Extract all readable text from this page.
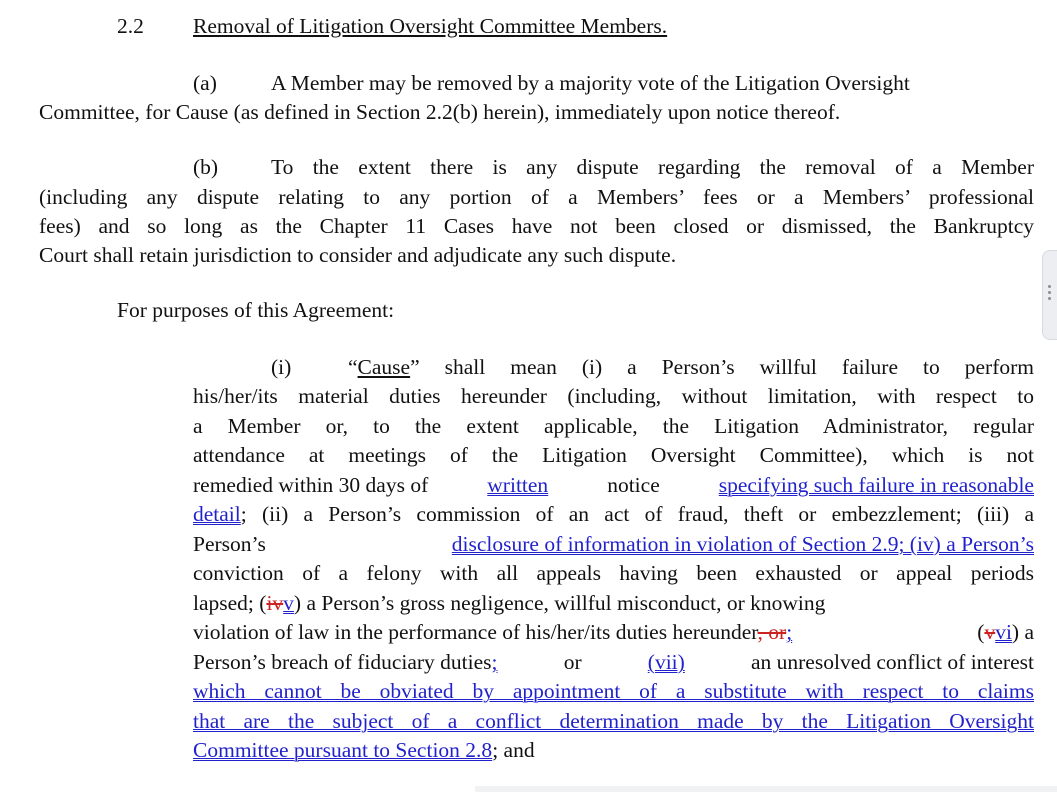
2.2 Removal of Litigation Oversight Committee Members.
(a)	A Member may be removed by a majority vote of the Litigation Oversight
Committee, for Cause (as defined in Section 2.2(b) herein), immediately upon notice thereof.
(b) To the extent there is any dispute regarding the removal of a Member
(including any dispute relating to any portion of a Members’ fees or a Members’ professional
fees) and so long as the Chapter 11 Cases have not been closed or dismissed, the Bankruptcy
Court shall retain jurisdiction to consider and adjudicate any such dispute.
For purposes of this Agreement:
(i)	“Cause” shall mean (i) a Person’s willful failure to perform
his/her/its material duties hereunder (including, without limitation, with respect to
a Member or, to the extent applicable, the Litigation Administrator, regular
attendance at meetings of the Litigation Oversight Committee), which is not
remedied within 30 days of	written	notice	specifying such failure in reasonable
detail; (ii) a Person’s commission of an act of fraud, theft or embezzlement; (iii) a
Person’s	disclosure of information in violation of Section 2.9; (iv) a Person’s
conviction of a felony with all appeals having been exhausted or appeal periods
lapsed; (ivv) a Person’s gross negligence, willful misconduct, or knowing
violation of law in the performance of his/her/its duties hereunder, or;	(vvi) a
Person’s breach of fiduciary duties;	or	(vii)	an unresolved conflict of interest
which cannot be obviated by appointment of a substitute with respect to claims
that are the subject of a conflict determination made by the Litigation Oversight
Committee pursuant to Section 2.8; and
